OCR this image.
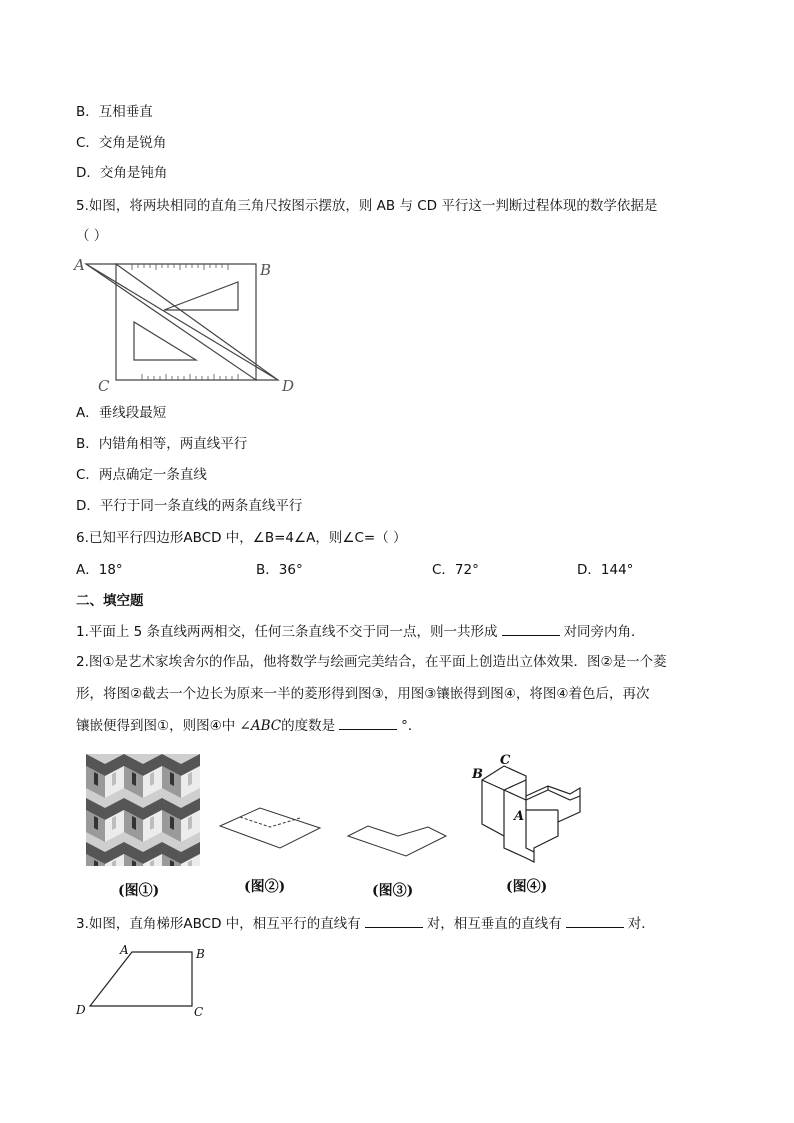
B．互相垂直
C．交角是锐角
D．交角是钝角
5.如图，将两块相同的直角三角尺按图示摆放，则 AB 与 CD 平行这一判断过程体现的数学依据是
（ ）
A	B
C	D
A．垂线段最短
B．内错角相等，两直线平行
C．两点确定一条直线
D．平行于同一条直线的两条直线平行
6.已知平行四边形ABCD 中，∠B=4∠A，则∠C=（ ）
A．18°	B．36°	C．72°	D．144°
二、填空题
1.平面上 5 条直线两两相交，任何三条直线不交于同一点，则一共形成	对同旁内角．
2.图①是艺术家埃舍尔的作品，他将数学与绘画完美结合，在平面上创造出立体效果．图②是一个菱
形，将图②截去一个边长为原来一半的菱形得到图③，用图③镶嵌得到图④，将图④着色后，再次
镶嵌便得到图①，则图④中 ∠ABC的度数是	°．
B
C
A
(图①)	(图②)	(图③)	(图④)
3.如图，直角梯形ABCD 中，相互平行的直线有	对，相互垂直的直线有	对．
A	B
D	C
